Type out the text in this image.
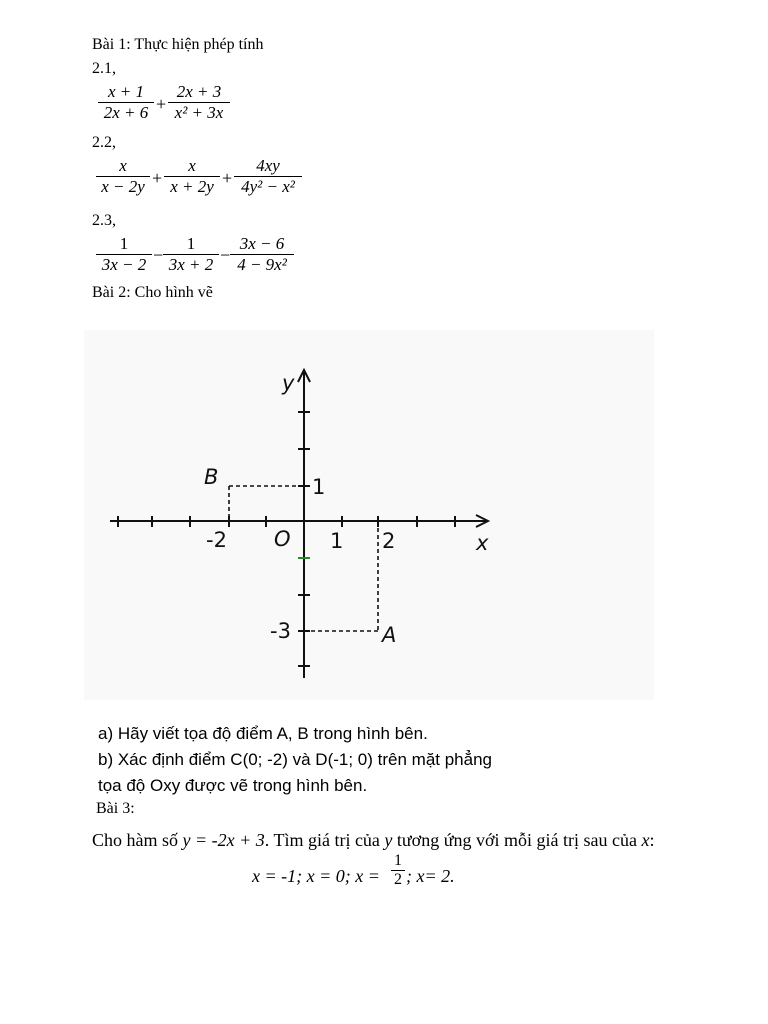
Bài 1: Thực hiện phép tính
2.1,
$\frac{x + 1}{2x + 6} + \frac{2x + 3}{\text{x² + 3x}}$
2.2,
$\frac{x}{x - 2y} + \frac{x}{x + 2y} + \frac{4xy}{\text{4y² − x²}}$
2.3,
$\frac{1}{3x - 2} - \frac{1}{3x + 2} - \frac{3x - 6}{\text{4 − 9x²}}$
Bài 2: Cho hình vẽ
y
x
O
B
A
-2	1 2
1
-3
a) Hãy viết tọa độ điểm A, B trong hình bên.
b) Xác định điểm C(0; -2) và D(-1; 0) trên mặt phẳng
tọa độ Oxy được vẽ trong hình bên.
Bài 3:
Cho hàm số y = -2x + 3. Tìm giá trị của y tương ứng với mỗi giá trị sau của x:
x = -1; x = 0; $x = \frac{1}{2}$ ; x= 2.
